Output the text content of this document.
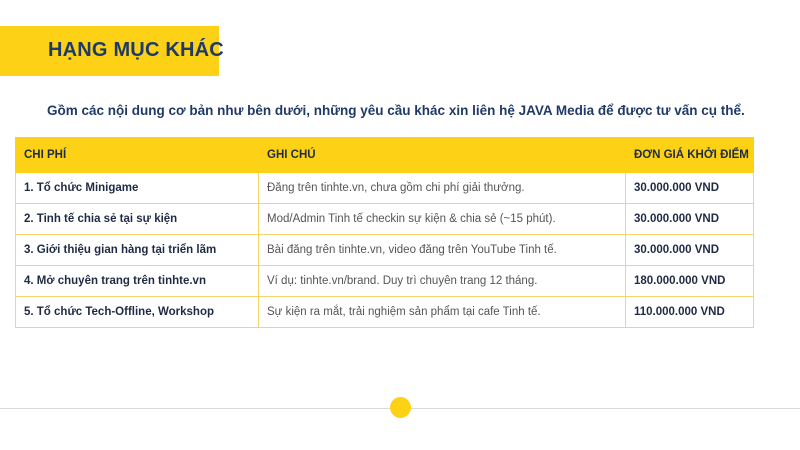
HẠNG MỤC KHÁC
Gồm các nội dung cơ bản như bên dưới, những yêu cầu khác xin liên hệ JAVA Media để được tư vấn cụ thể.
CHI PHÍ	GHI CHÚ	ĐƠN GIÁ KHỞI ĐIỂM
1. Tổ chức Minigame	Đăng trên tinhte.vn, chưa gồm chi phí giải thưởng.	30.000.000 VND
2. Tinh tế chia sẻ tại sự kiện	Mod/Admin Tinh tế checkin sự kiện & chia sẻ (~15 phút).	30.000.000 VND
3. Giới thiệu gian hàng tại triển lãm	Bài đăng trên tinhte.vn, video đăng trên YouTube Tinh tế.	30.000.000 VND
4. Mở chuyên trang trên tinhte.vn	Ví dụ: tinhte.vn/brand. Duy trì chuyên trang 12 tháng.	180.000.000 VND
5. Tổ chức Tech-Offline, Workshop	Sự kiện ra mắt, trải nghiệm sản phẩm tại cafe Tinh tế.	110.000.000 VND
